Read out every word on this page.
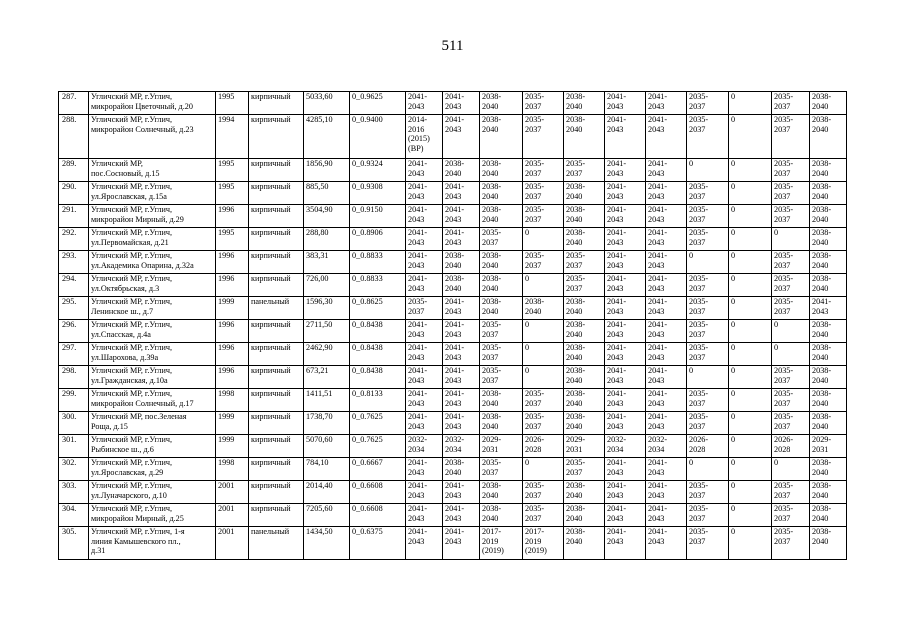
511
287.	Угличский МР, г.Углич,
микрорайон Цветочный, д.20	1995	кирпичный	5033,60	0_0.9625	2041-
2043	2041-
2043	2038-
2040	2035-
2037	2038-
2040	2041-
2043	2041-
2043	2035-
2037	0	2035-
2037	2038-
2040
288.	Угличский МР, г.Углич,
микрорайон Солнечный, д.23	1994	кирпичный	4285,10	0_0.9400	2014-
2016
(2015)
(ВР)	2041-
2043	2038-
2040	2035-
2037	2038-
2040	2041-
2043	2041-
2043	2035-
2037	0	2035-
2037	2038-
2040
289.	Угличский МР,
пос.Сосновый, д.15	1995	кирпичный	1856,90	0_0.9324	2041-
2043	2038-
2040	2038-
2040	2035-
2037	2035-
2037	2041-
2043	2041-
2043	0	0	2035-
2037	2038-
2040
290.	Угличский МР, г.Углич,
ул.Ярославская, д.15а	1995	кирпичный	885,50	0_0.9308	2041-
2043	2041-
2043	2038-
2040	2035-
2037	2038-
2040	2041-
2043	2041-
2043	2035-
2037	0	2035-
2037	2038-
2040
291.	Угличский МР, г.Углич,
микрорайон Мирный, д.29	1996	кирпичный	3504,90	0_0.9150	2041-
2043	2041-
2043	2038-
2040	2035-
2037	2038-
2040	2041-
2043	2041-
2043	2035-
2037	0	2035-
2037	2038-
2040
292.	Угличский МР, г.Углич,
ул.Первомайская, д.21	1995	кирпичный	288,80	0_0.8906	2041-
2043	2041-
2043	2035-
2037	0	2038-
2040	2041-
2043	2041-
2043	2035-
2037	0	0	2038-
2040
293.	Угличский МР, г.Углич,
ул.Академика Опарина, д.32а	1996	кирпичный	383,31	0_0.8833	2041-
2043	2038-
2040	2038-
2040	2035-
2037	2035-
2037	2041-
2043	2041-
2043	0	0	2035-
2037	2038-
2040
294.	Угличский МР, г.Углич,
ул.Октябрьская, д.3	1996	кирпичный	726,00	0_0.8833	2041-
2043	2038-
2040	2038-
2040	0	2035-
2037	2041-
2043	2041-
2043	2035-
2037	0	2035-
2037	2038-
2040
295.	Угличский МР, г.Углич,
Ленинское ш., д.7	1999	панельный	1596,30	0_0.8625	2035-
2037	2041-
2043	2038-
2040	2038-
2040	2038-
2040	2041-
2043	2041-
2043	2035-
2037	0	2035-
2037	2041-
2043
296.	Угличский МР, г.Углич,
ул.Спасская, д.4а	1996	кирпичный	2711,50	0_0.8438	2041-
2043	2041-
2043	2035-
2037	0	2038-
2040	2041-
2043	2041-
2043	2035-
2037	0	0	2038-
2040
297.	Угличский МР, г.Углич,
ул.Шарохова, д.39а	1996	кирпичный	2462,90	0_0.8438	2041-
2043	2041-
2043	2035-
2037	0	2038-
2040	2041-
2043	2041-
2043	2035-
2037	0	0	2038-
2040
298.	Угличский МР, г.Углич,
ул.Гражданская, д.10а	1996	кирпичный	673,21	0_0.8438	2041-
2043	2041-
2043	2035-
2037	0	2038-
2040	2041-
2043	2041-
2043	0	0	2035-
2037	2038-
2040
299.	Угличский МР, г.Углич,
микрорайон Солнечный, д.17	1998	кирпичный	1411,51	0_0.8133	2041-
2043	2041-
2043	2038-
2040	2035-
2037	2038-
2040	2041-
2043	2041-
2043	2035-
2037	0	2035-
2037	2038-
2040
300.	Угличский МР, пос.Зеленая
Роща, д.15	1999	кирпичный	1738,70	0_0.7625	2041-
2043	2041-
2043	2038-
2040	2035-
2037	2038-
2040	2041-
2043	2041-
2043	2035-
2037	0	2035-
2037	2038-
2040
301.	Угличский МР, г.Углич,
Рыбинское ш., д.6	1999	кирпичный	5070,60	0_0.7625	2032-
2034	2032-
2034	2029-
2031	2026-
2028	2029-
2031	2032-
2034	2032-
2034	2026-
2028	0	2026-
2028	2029-
2031
302.	Угличский МР, г.Углич,
ул.Ярославская, д.29	1998	кирпичный	784,10	0_0.6667	2041-
2043	2038-
2040	2035-
2037	0	2035-
2037	2041-
2043	2041-
2043	0	0	0	2038-
2040
303.	Угличский МР, г.Углич,
ул.Луначарского, д.10	2001	кирпичный	2014,40	0_0.6608	2041-
2043	2041-
2043	2038-
2040	2035-
2037	2038-
2040	2041-
2043	2041-
2043	2035-
2037	0	2035-
2037	2038-
2040
304.	Угличский МР, г.Углич,
микрорайон Мирный, д.25	2001	кирпичный	7205,60	0_0.6608	2041-
2043	2041-
2043	2038-
2040	2035-
2037	2038-
2040	2041-
2043	2041-
2043	2035-
2037	0	2035-
2037	2038-
2040
305.	Угличский МР, г.Углич, 1-я
линия Камышевского пл.,
д.31	2001	панельный	1434,50	0_0.6375	2041-
2043	2041-
2043	2017-
2019
(2019)	2017-
2019
(2019)	2038-
2040	2041-
2043	2041-
2043	2035-
2037	0	2035-
2037	2038-
2040
